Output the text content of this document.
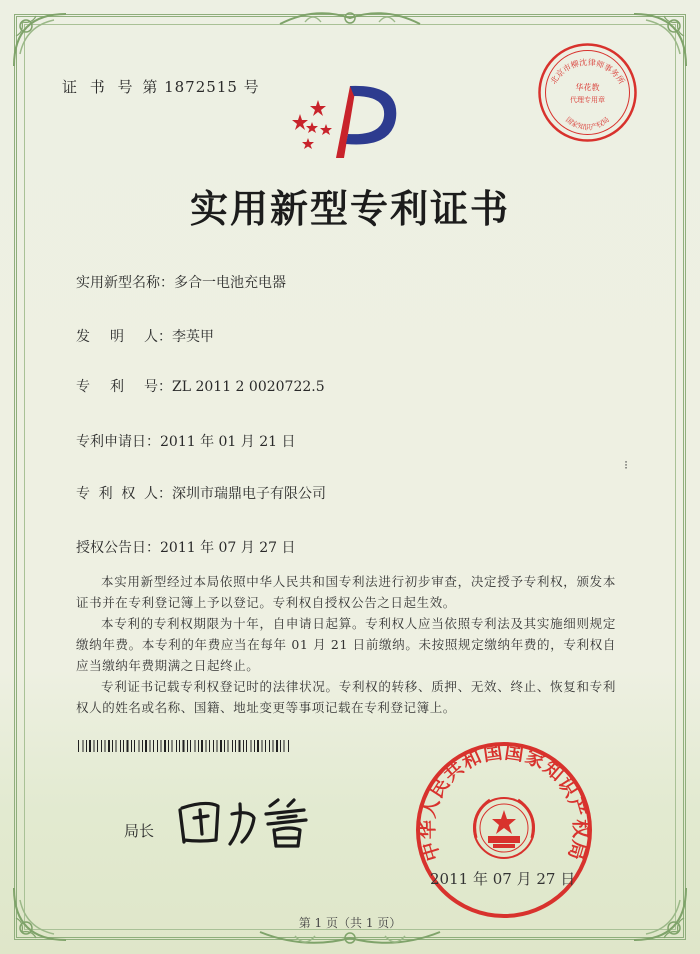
证 书 号 第 1872515 号	北京市柳沈律师事务所
华花教
代理专用章
国家知识产权局
实用新型专利证书
实用新型名称：多合一电池充电器
发 明 人 ：李英甲
专 利 号 ：ZL 2011 2 0020722.5
专利申请日：2011 年 01 月 21 日
专 利 权 人 ：深圳市瑞鼎电子有限公司
授权公告日：2011 年 07 月 27 日
⁝
本实用新型经过本局依照中华人民共和国专利法进行初步审查，决定授予专利权，颁发本证书并在专利登记簿上予以登记。专利权自授权公告之日起生效。
本专利的专利权期限为十年，自申请日起算。专利权人应当依照专利法及其实施细则规定缴纳年费。本专利的年费应当在每年 01 月 21 日前缴纳。未按照规定缴纳年费的，专利权自应当缴纳年费期满之日起终止。
专利证书记载专利权登记时的法律状况。专利权的转移、质押、无效、终止、恢复和专利权人的姓名或名称、国籍、地址变更等事项记载在专利登记簿上。
局长
中华人民共和国国家知识产权局
2011 年 07 月 27 日
第 1 页（共 1 页）
